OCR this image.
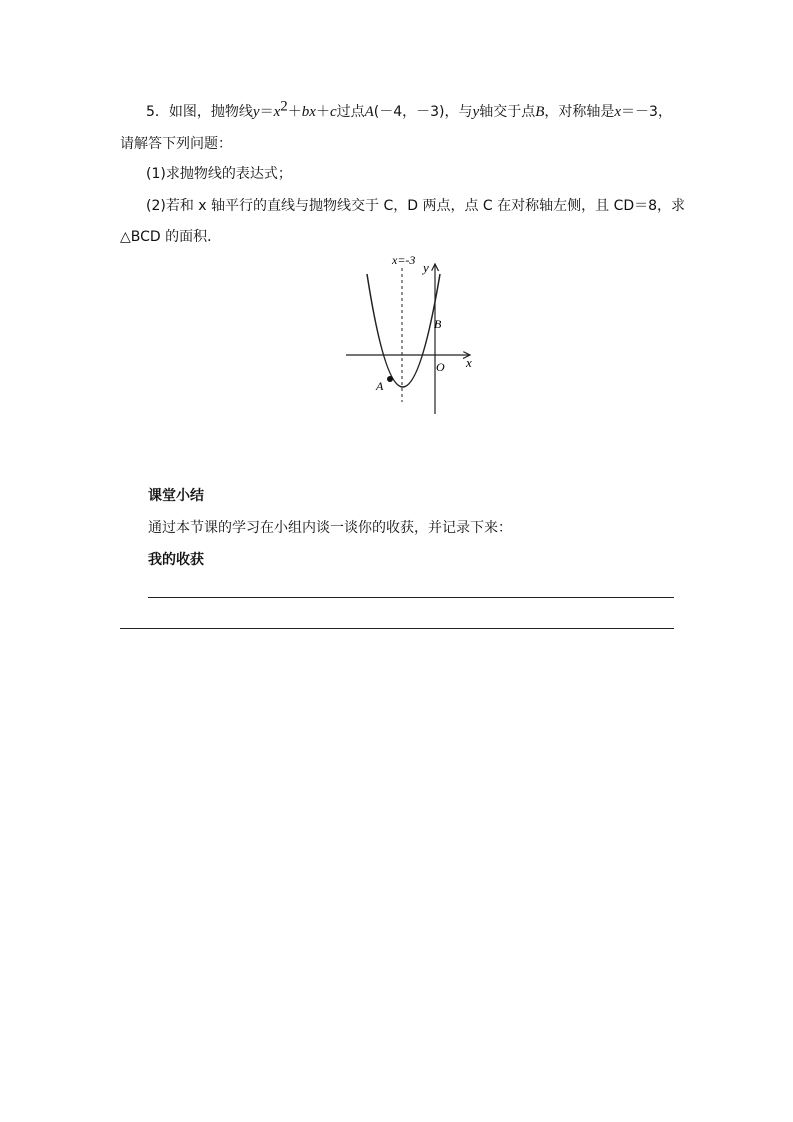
5．如图，抛物线$y=x^2+bx+c$过点A(－4，－3)，与y轴交于点B，对称轴是x＝－3，
请解答下列问题：
(1)求抛物线的表达式；
(2)若和 x 轴平行的直线与抛物线交于 C，D 两点，点 C 在对称轴左侧，且 CD＝8，求
△BCD 的面积．
x=-3 y
x
B
O
A
课堂小结
通过本节课的学习在小组内谈一谈你的收获，并记录下来：
我的收获
